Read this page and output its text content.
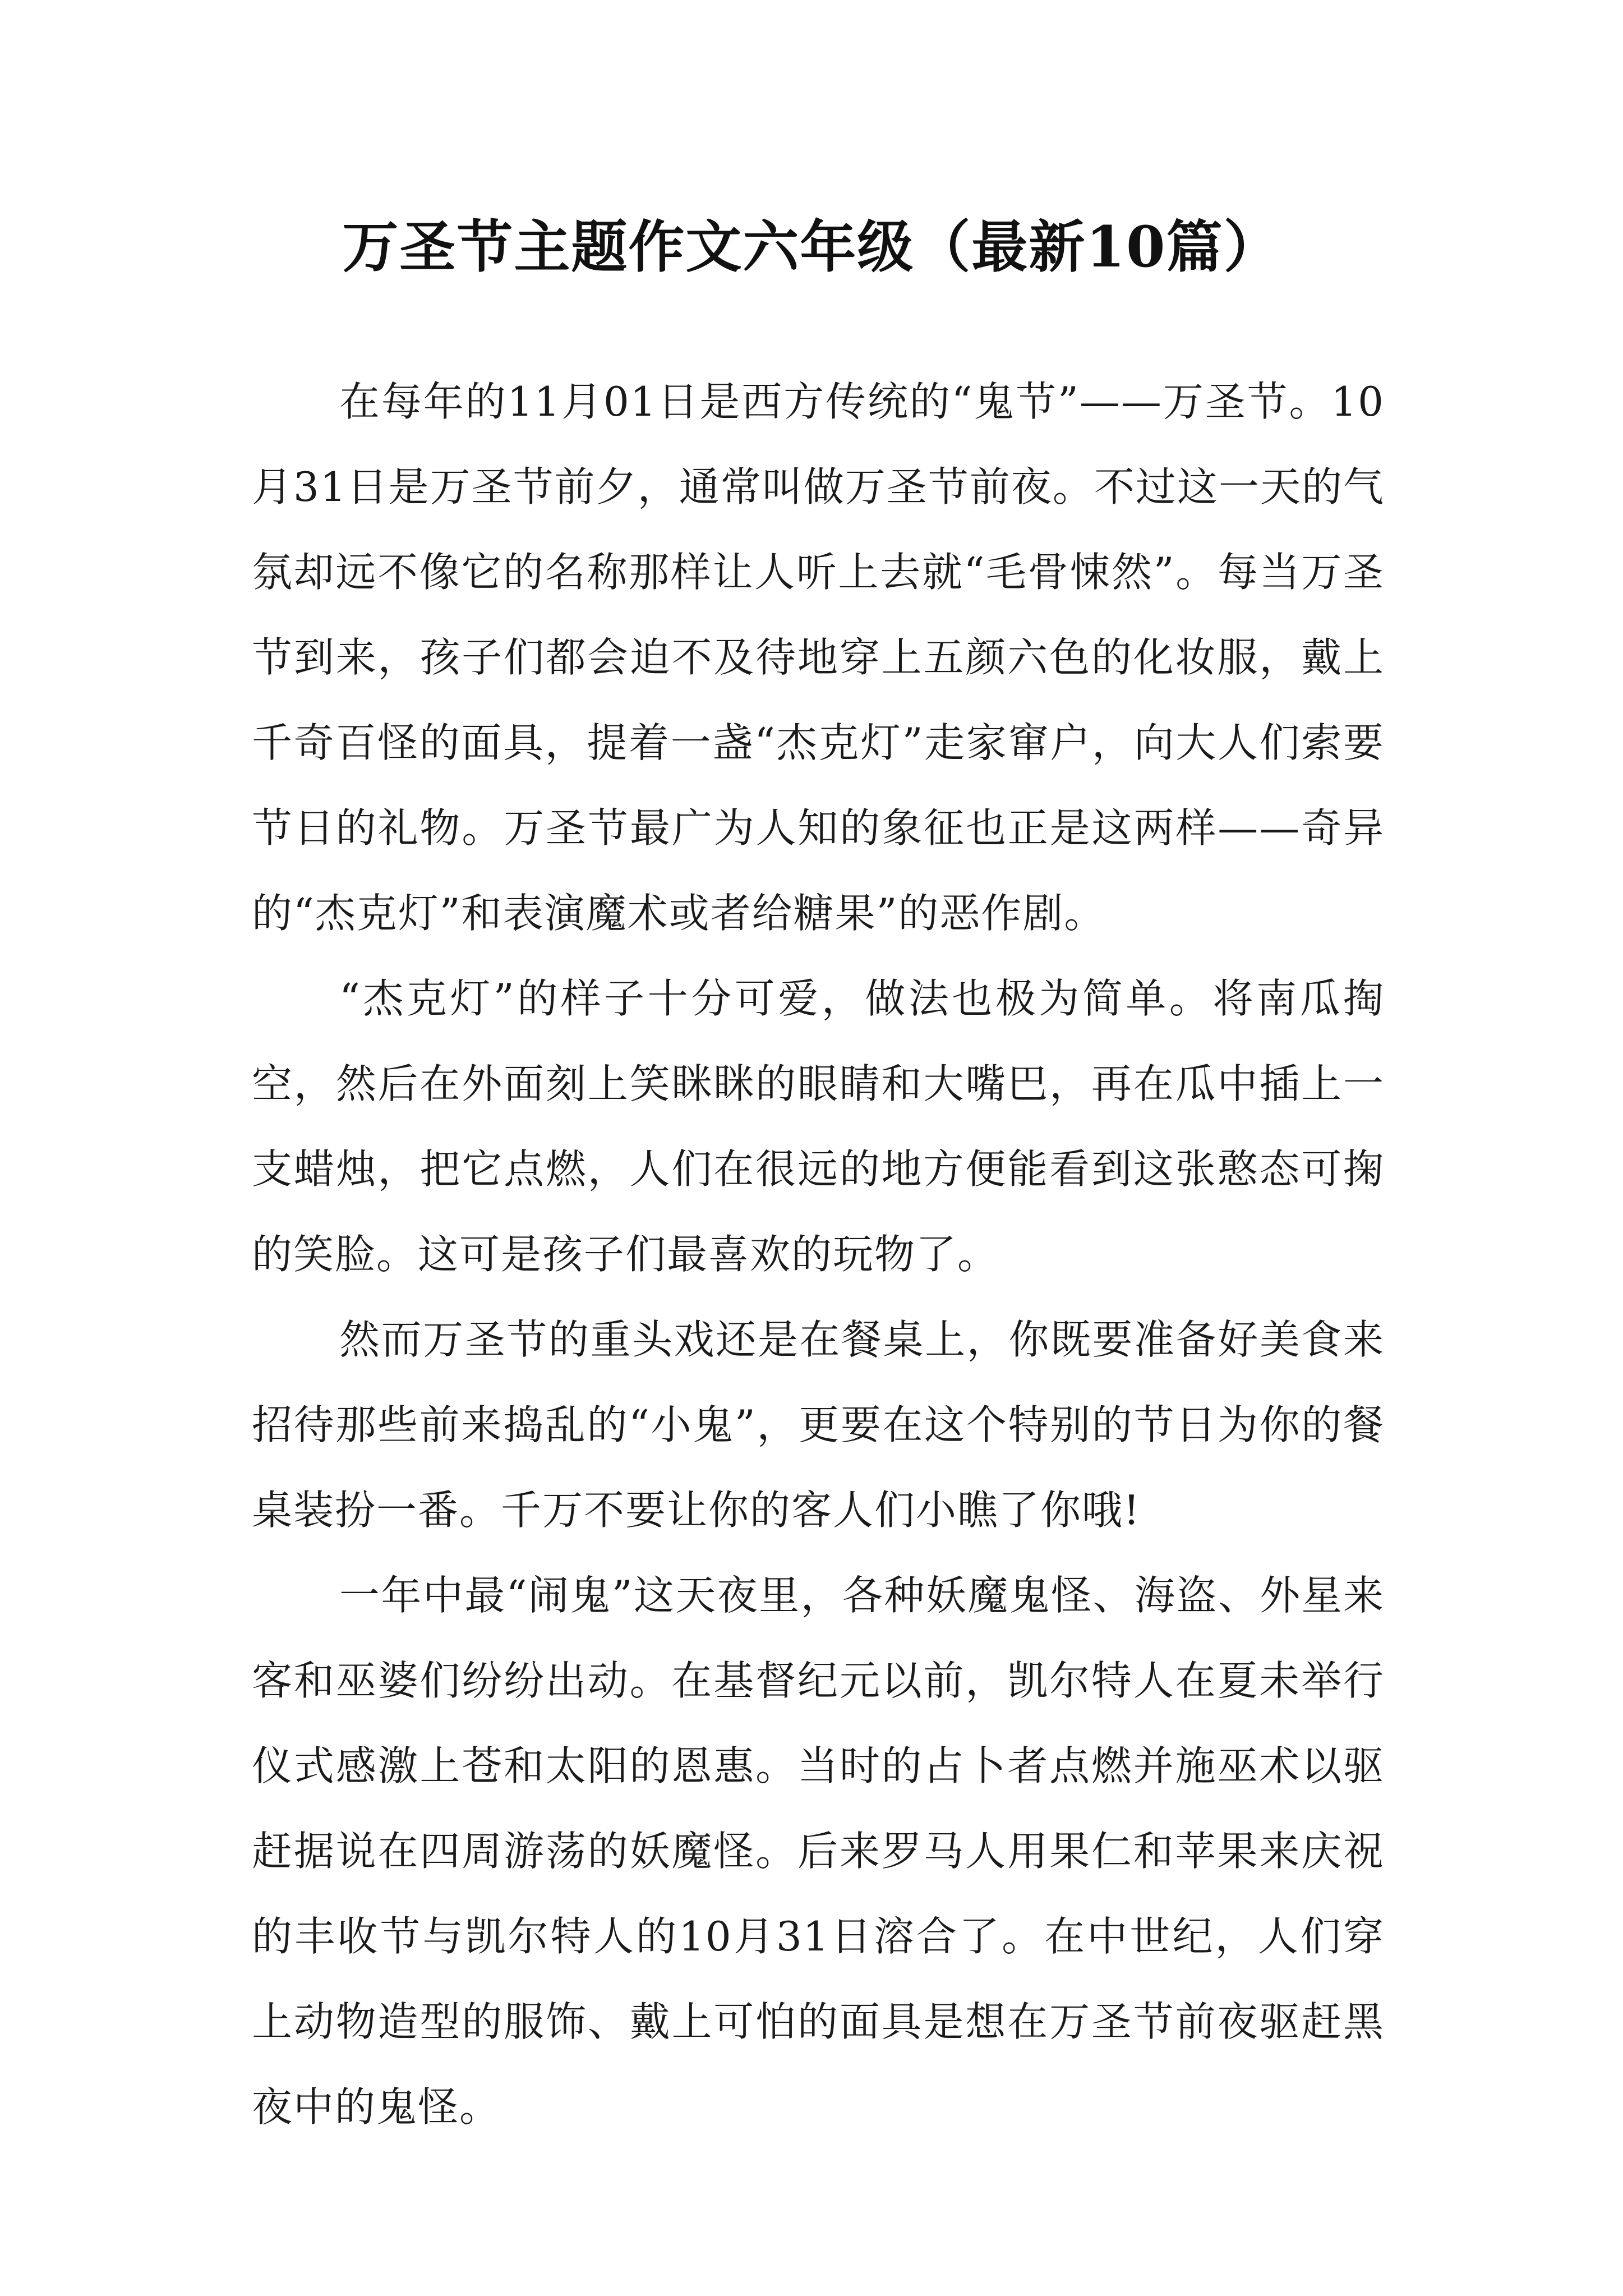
万圣节主题作文六年级（最新10篇）

在每年的11月01日是西方传统的“鬼节”——万圣节。10月31日是万圣节前夕，通常叫做万圣节前夜。不过这一天的气氛却远不像它的名称那样让人听上去就“毛骨悚然”。每当万圣节到来，孩子们都会迫不及待地穿上五颜六色的化妆服，戴上千奇百怪的面具，提着一盏“杰克灯”走家窜户，向大人们索要节日的礼物。万圣节最广为人知的象征也正是这两样——奇异的“杰克灯”和表演魔术或者给糖果”的恶作剧。

“杰克灯”的样子十分可爱，做法也极为简单。将南瓜掏空，然后在外面刻上笑眯眯的眼睛和大嘴巴，再在瓜中插上一支蜡烛，把它点燃，人们在很远的地方便能看到这张憨态可掬的笑脸。这可是孩子们最喜欢的玩物了。

然而万圣节的重头戏还是在餐桌上，你既要准备好美食来招待那些前来捣乱的“小鬼”，更要在这个特别的节日为你的餐桌装扮一番。千万不要让你的客人们小瞧了你哦!

一年中最“闹鬼”这天夜里，各种妖魔鬼怪、海盗、外星来客和巫婆们纷纷出动。在基督纪元以前，凯尔特人在夏未举行仪式感激上苍和太阳的恩惠。当时的占卜者点燃并施巫术以驱赶据说在四周游荡的妖魔怪。后来罗马人用果仁和苹果来庆祝的丰收节与凯尔特人的10月31日溶合了。在中世纪，人们穿上动物造型的服饰、戴上可怕的面具是想在万圣节前夜驱赶黑夜中的鬼怪。
